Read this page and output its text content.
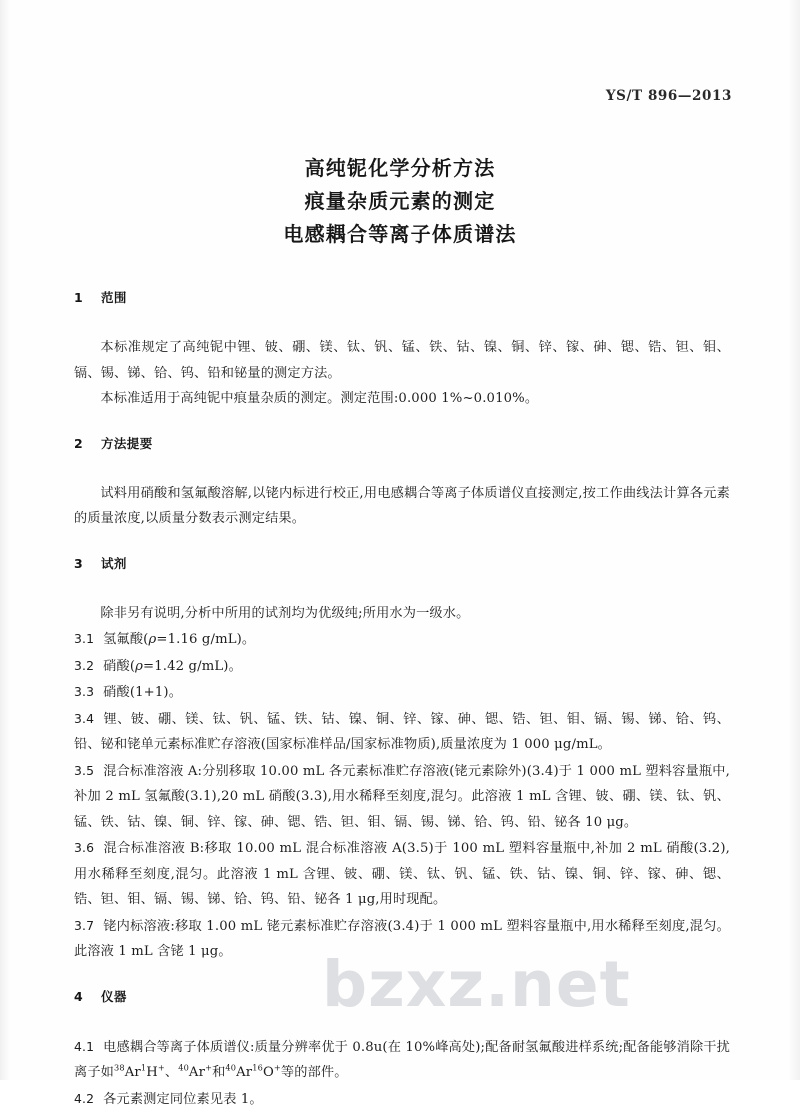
bzxz.net
YS/T 896—2013
高纯铌化学分析方法
痕量杂质元素的测定
电感耦合等离子体质谱法

1 范围

本标准规定了高纯铌中锂、铍、硼、镁、钛、钒、锰、铁、钴、镍、铜、锌、镓、砷、锶、锆、钽、钼、镉、锡、锑、铪、钨、铅和铋量的测定方法。

本标准适用于高纯铌中痕量杂质的测定。测定范围:0.000 1%~0.010%。

2 方法提要

试料用硝酸和氢氟酸溶解,以铑内标进行校正,用电感耦合等离子体质谱仪直接测定,按工作曲线法计算各元素的质量浓度,以质量分数表示测定结果。

3 试剂

除非另有说明,分析中所用的试剂均为优级纯;所用水为一级水。

3.1 氢氟酸(ρ=1.16 g/mL)。

3.2 硝酸(ρ=1.42 g/mL)。

3.3 硝酸(1+1)。

3.4 锂、铍、硼、镁、钛、钒、锰、铁、钴、镍、铜、锌、镓、砷、锶、锆、钽、钼、镉、锡、锑、铪、钨、铅、铋和铑单元素标准贮存溶液(国家标准样品/国家标准物质),质量浓度为 1 000 μg/mL。

3.5 混合标准溶液 A:分别移取 10.00 mL 各元素标准贮存溶液(铑元素除外)(3.4)于 1 000 mL 塑料容量瓶中,补加 2 mL 氢氟酸(3.1),20 mL 硝酸(3.3),用水稀释至刻度,混匀。此溶液 1 mL 含锂、铍、硼、镁、钛、钒、锰、铁、钴、镍、铜、锌、镓、砷、锶、锆、钽、钼、镉、锡、锑、铪、钨、铅、铋各 10 μg。

3.6 混合标准溶液 B:移取 10.00 mL 混合标准溶液 A(3.5)于 100 mL 塑料容量瓶中,补加 2 mL 硝酸(3.2),用水稀释至刻度,混匀。此溶液 1 mL 含锂、铍、硼、镁、钛、钒、锰、铁、钴、镍、铜、锌、镓、砷、锶、锆、钽、钼、镉、锡、锑、铪、钨、铅、铋各 1 μg,用时现配。

3.7 铑内标溶液:移取 1.00 mL 铑元素标准贮存溶液(3.4)于 1 000 mL 塑料容量瓶中,用水稀释至刻度,混匀。此溶液 1 mL 含铑 1 μg。

4 仪器

4.1 电感耦合等离子体质谱仪:质量分辨率优于 0.8u(在 10%峰高处);配备耐氢氟酸进样系统;配备能够消除干扰离子如$^{38}$Ar$^1$H+、$^{40}$Ar+和$^{40}$Ar$^{16}$O+等的部件。

4.2 各元素测定同位素见表 1。
